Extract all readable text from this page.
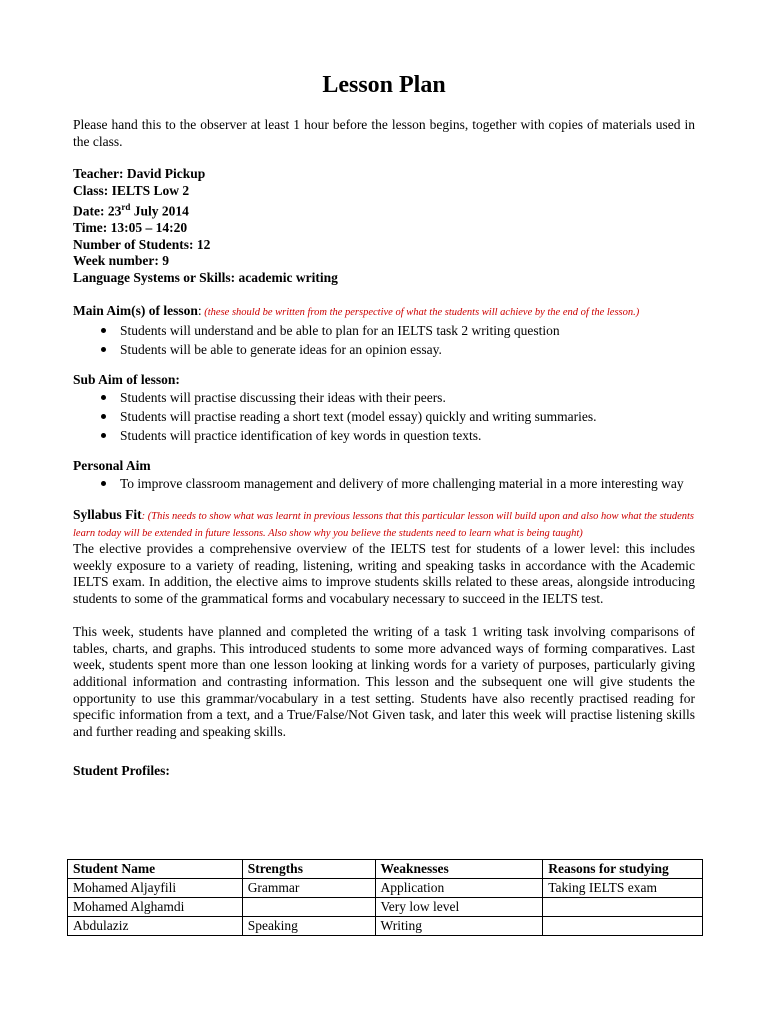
Lesson Plan

Please hand this to the observer at least 1 hour before the lesson begins, together with copies of materials used in the class.

Teacher: David Pickup
Class: IELTS Low 2
Date: 23rd July 2014
Time: 13:05 – 14:20
Number of Students: 12
Week number: 9
Language Systems or Skills: academic writing
Main Aim(s) of lesson: (these should be written from the perspective of what the students will achieve by the end of the lesson.)
Students will understand and be able to plan for an IELTS task 2 writing question
Students will be able to generate ideas for an opinion essay.

Sub Aim of lesson:

Students will practise discussing their ideas with their peers.
Students will practise reading a short text (model essay) quickly and writing summaries.
Students will practice identification of key words in question texts.

Personal Aim

To improve classroom management and delivery of more challenging material in a more interesting way
Syllabus Fit: (This needs to show what was learnt in previous lessons that this particular lesson will build upon and also how what the students learn today will be extended in future lessons. Also show why you believe the students need to learn what is being taught)

The elective provides a comprehensive overview of the IELTS test for students of a lower level: this includes weekly exposure to a variety of reading, listening, writing and speaking tasks in accordance with the Academic IELTS exam. In addition, the elective aims to improve students skills related to these areas, alongside introducing students to some of the grammatical forms and vocabulary necessary to succeed in the IELTS test.

This week, students have planned and completed the writing of a task 1 writing task involving comparisons of tables, charts, and graphs. This introduced students to some more advanced ways of forming comparatives. Last week, students spent more than one lesson looking at linking words for a variety of purposes, particularly giving additional information and contrasting information. This lesson and the subsequent one will give students the opportunity to use this grammar/vocabulary in a test setting. Students have also recently practised reading for specific information from a text, and a True/False/Not Given task, and later this week will practise listening skills and further reading and speaking skills.

Student Profiles:
Student Name	Strengths	Weaknesses	Reasons for studying
Mohamed Aljayfili	Grammar	Application	Taking IELTS exam
Mohamed Alghamdi		Very low level	
Abdulaziz	Speaking	Writing	
